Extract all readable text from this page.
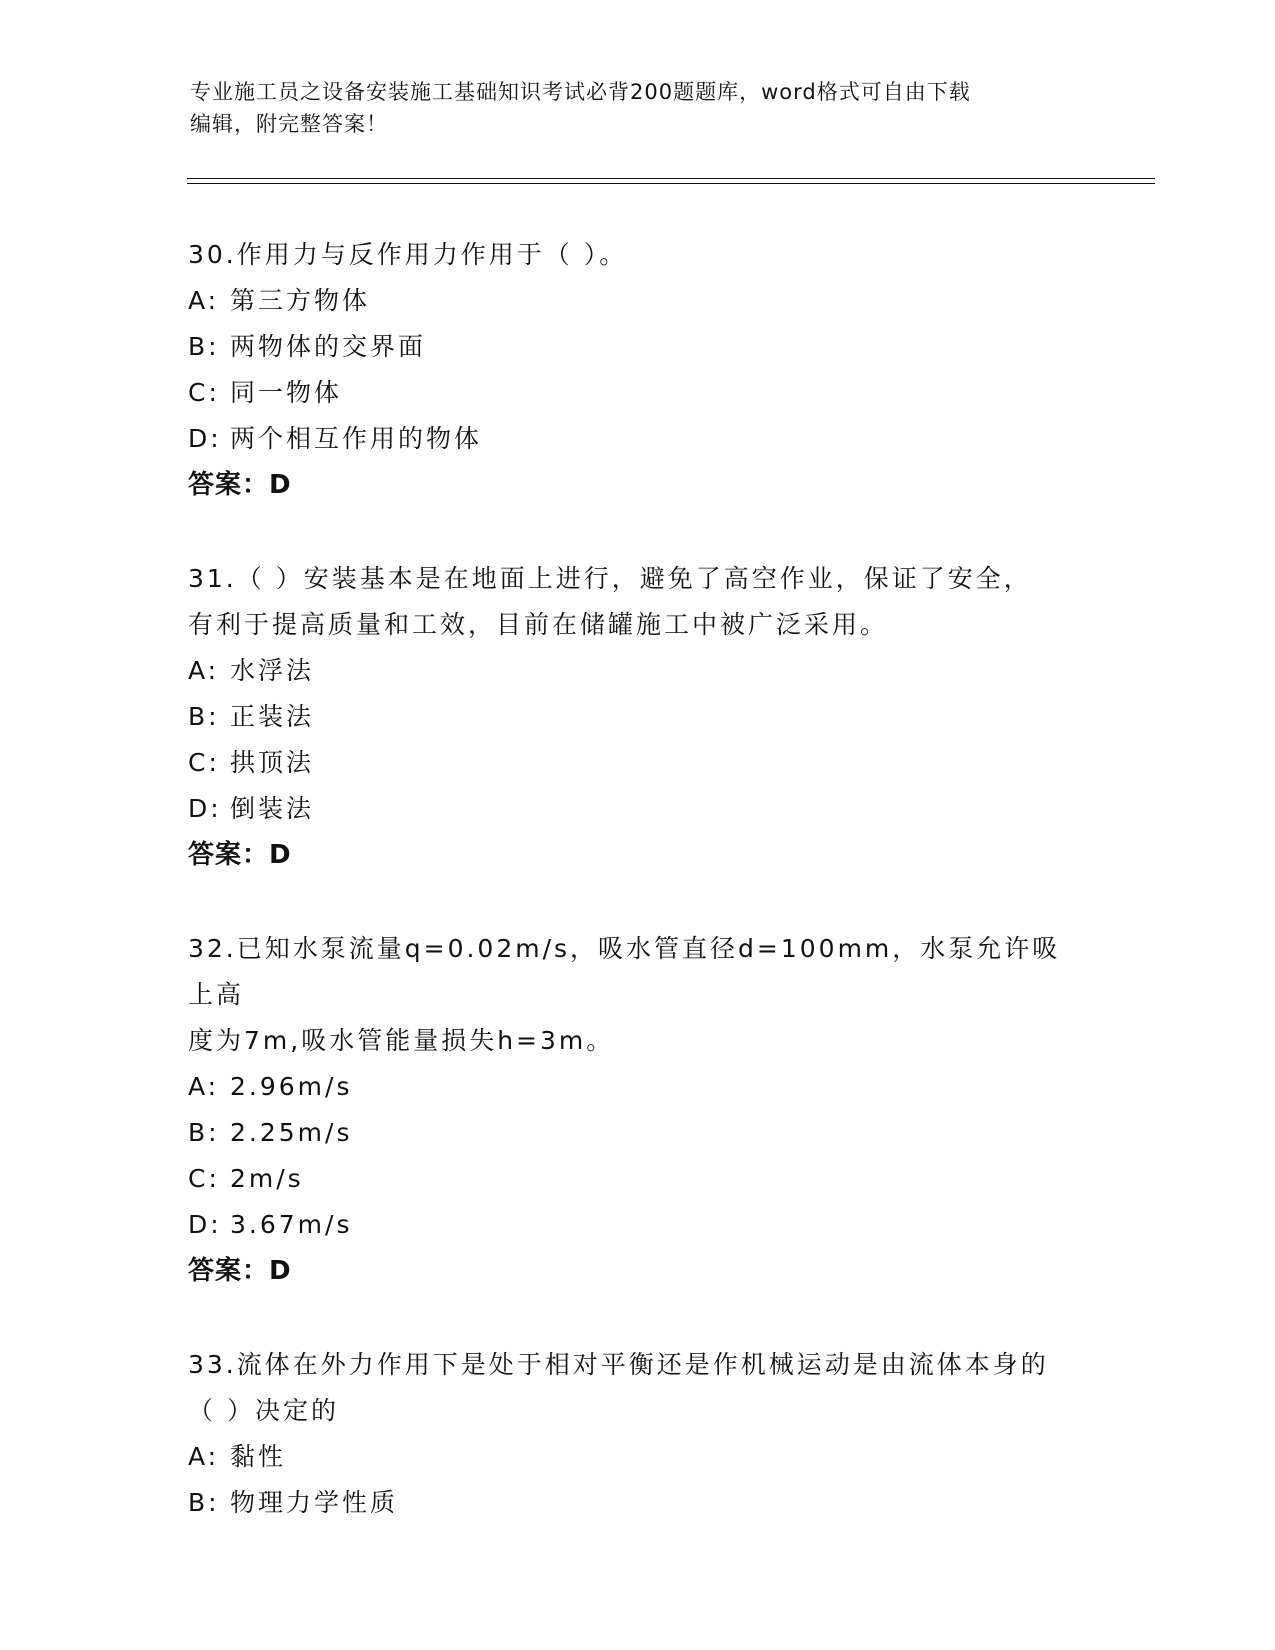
专业施工员之设备安装施工基础知识考试必背200题题库，word格式可自由下载
编辑，附完整答案！
30.作用力与反作用力作用于（ ）。
A: 第三方物体
B: 两物体的交界面
C: 同一物体
D: 两个相互作用的物体
答案：D
31.（ ）安装基本是在地面上进行，避免了高空作业，保证了安全，
有利于提高质量和工效，目前在储罐施工中被广泛采用。
A: 水浮法
B: 正装法
C: 拱顶法
D: 倒装法
答案：D
32.已知水泵流量q=0.02m/s，吸水管直径d=100mm，水泵允许吸上高
度为7m,吸水管能量损失h=3m。
A: 2.96m/s
B: 2.25m/s
C: 2m/s
D: 3.67m/s
答案：D
33.流体在外力作用下是处于相对平衡还是作机械运动是由流体本身的
（ ）决定的
A: 黏性
B: 物理力学性质
